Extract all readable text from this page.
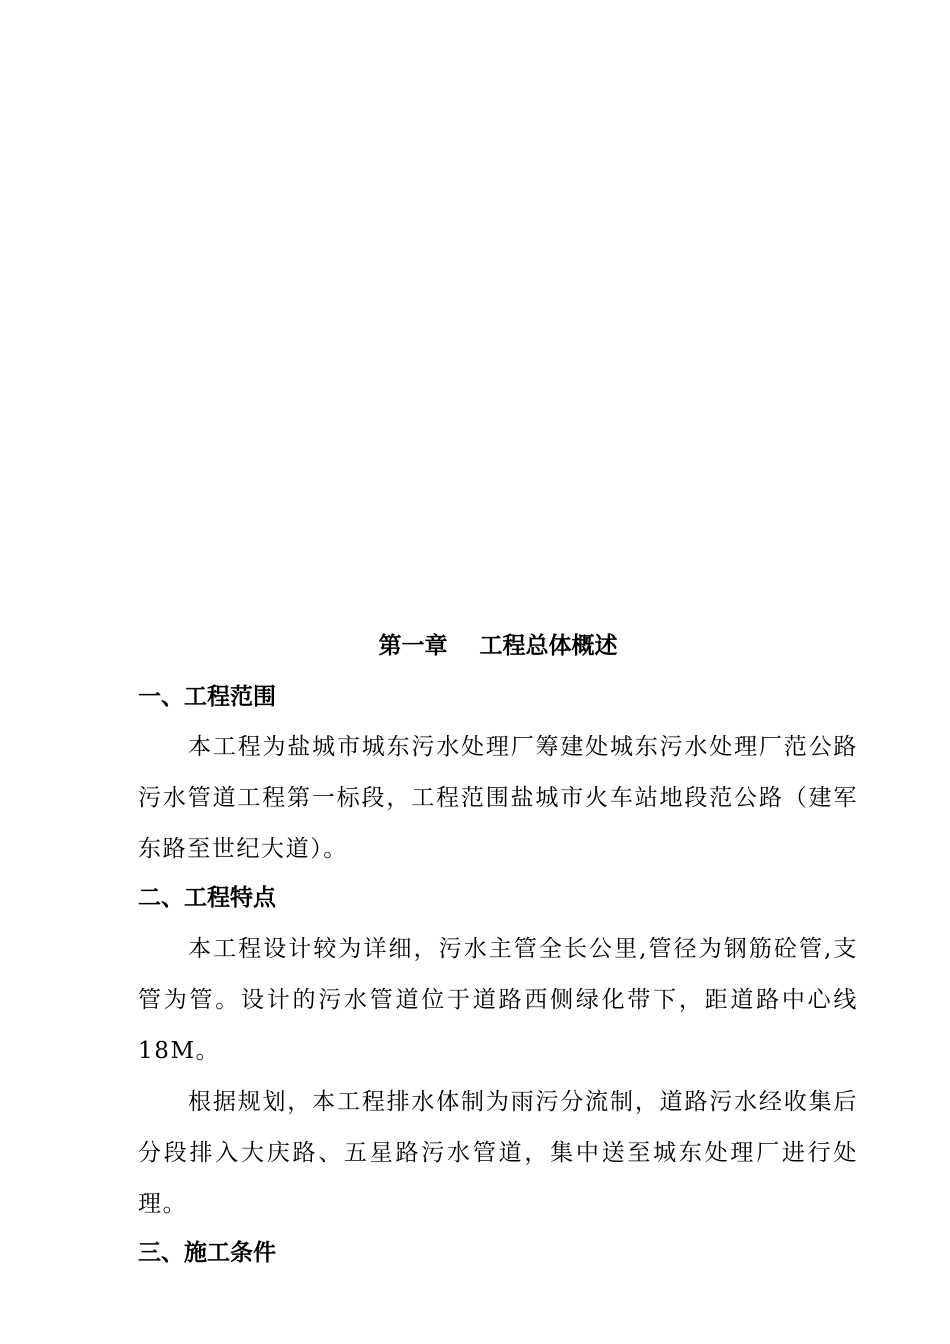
第一章    工程总体概述
一、工程范围

本工程为盐城市城东污水处理厂筹建处城东污水处理厂范公路污水管道工程第一标段，工程范围盐城市火车站地段范公路（建军东路至世纪大道）。

二、工程特点

本工程设计较为详细，污水主管全长公里,管径为钢筋砼管,支管为管。设计的污水管道位于道路西侧绿化带下，距道路中心线18M。

根据规划，本工程排水体制为雨污分流制，道路污水经收集后分段排入大庆路、五星路污水管道，集中送至城东处理厂进行处理。

三、施工条件
